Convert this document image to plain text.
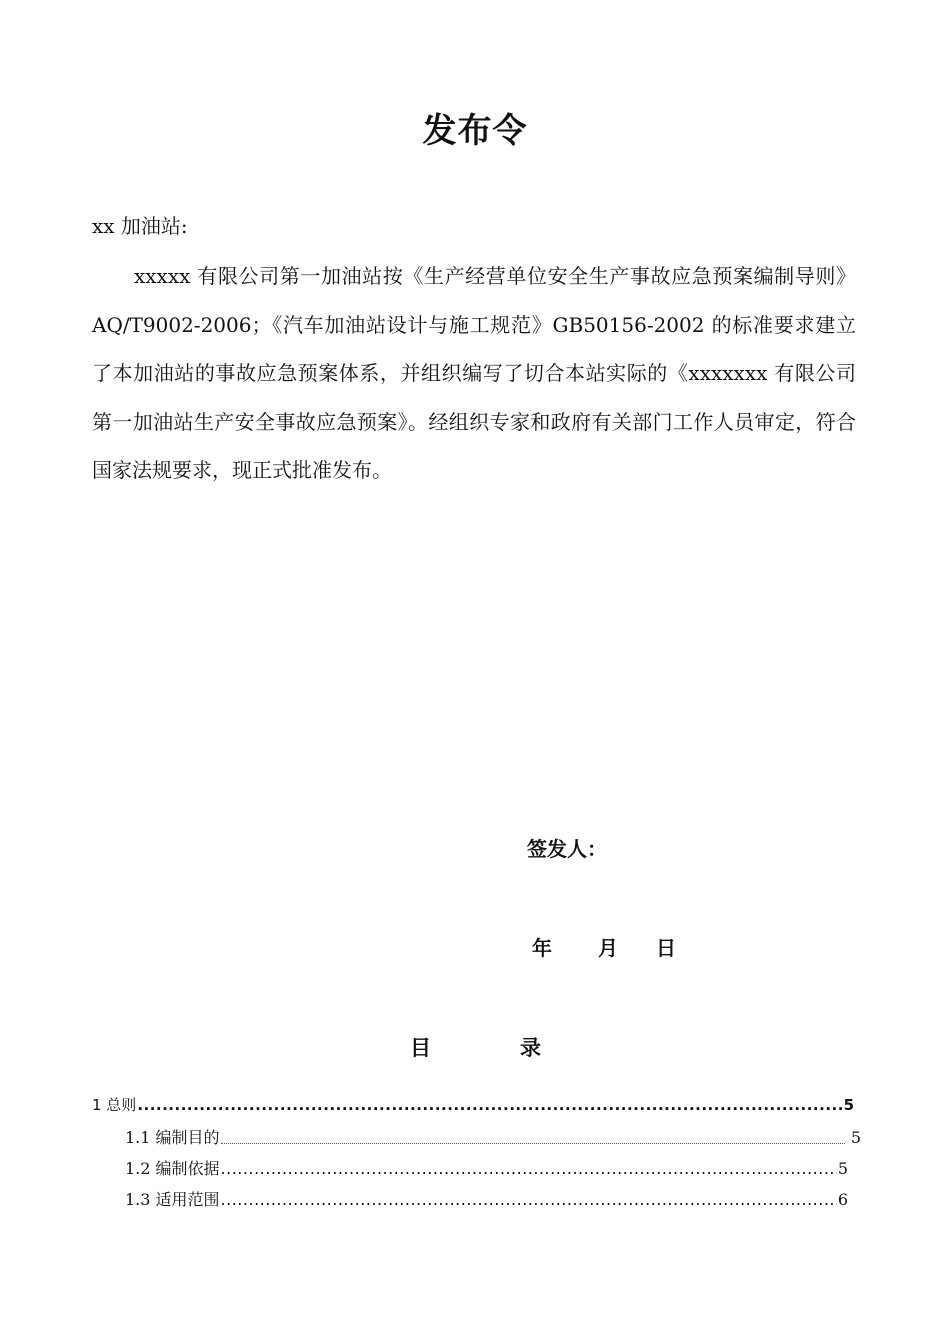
发布令
xx 加油站:

xxxxx 有限公司第一加油站按《生产经营单位安全生产事故应急预案编制导则》AQ/T9002-2006；《汽车加油站设计与施工规范》GB50156-2002 的标准要求建立了本加油站的事故应急预案体系，并组织编写了切合本站实际的《xxxxxxx 有限公司第一加油站生产安全事故应急预案》。经组织专家和政府有关部门工作人员审定，符合国家法规要求，现正式批准发布。

签发人：
年	月	日
目	录
1 总则 .....	5
1.1 编制目的	5
1.2 编制依据 .....	5
1.3 适用范围 .....	6
